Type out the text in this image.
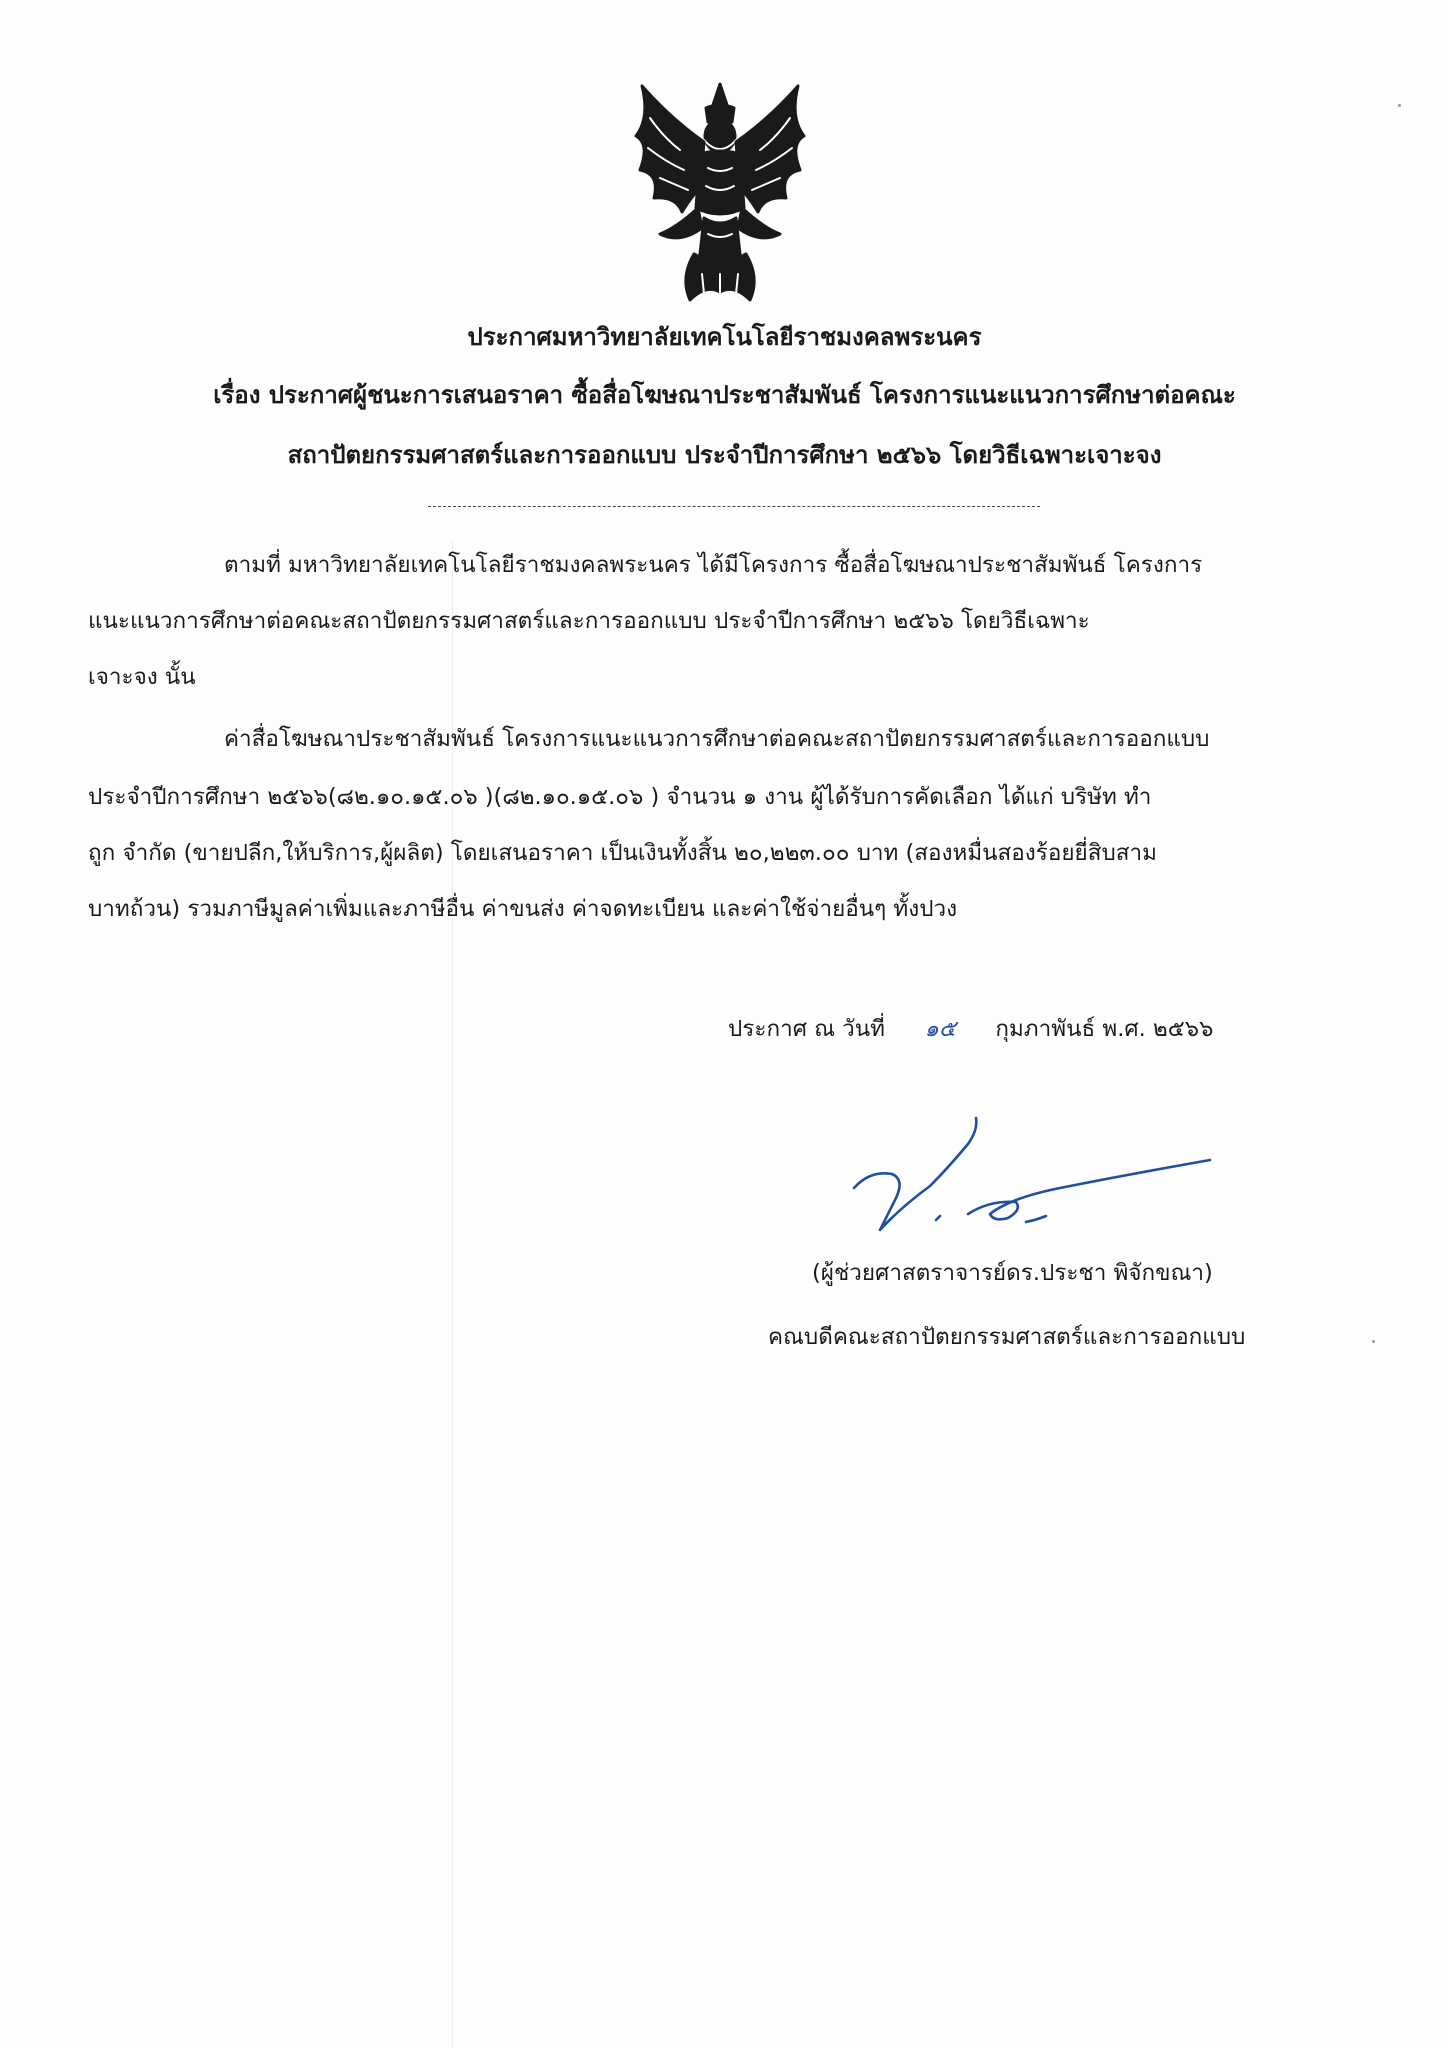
ประกาศมหาวิทยาลัยเทคโนโลยีราชมงคลพระนคร
เรื่อง ประกาศผู้ชนะการเสนอราคา ซื้อสื่อโฆษณาประชาสัมพันธ์ โครงการแนะแนวการศึกษาต่อคณะ
สถาปัตยกรรมศาสตร์และการออกแบบ ประจำปีการศึกษา ๒๕๖๖ โดยวิธีเฉพาะเจาะจง
ตามที่ มหาวิทยาลัยเทคโนโลยีราชมงคลพระนคร ได้มีโครงการ ซื้อสื่อโฆษณาประชาสัมพันธ์ โครงการ
แนะแนวการศึกษาต่อคณะสถาปัตยกรรมศาสตร์และการออกแบบ ประจำปีการศึกษา ๒๕๖๖ โดยวิธีเฉพาะ
เจาะจง นั้น
ค่าสื่อโฆษณาประชาสัมพันธ์ โครงการแนะแนวการศึกษาต่อคณะสถาปัตยกรรมศาสตร์และการออกแบบ
ประจำปีการศึกษา ๒๕๖๖(๘๒.๑๐.๑๕.๐๖ )(๘๒.๑๐.๑๕.๐๖ ) จำนวน ๑ งาน ผู้ได้รับการคัดเลือก ได้แก่ บริษัท ทำ
ถูก จำกัด (ขายปลีก,ให้บริการ,ผู้ผลิต) โดยเสนอราคา เป็นเงินทั้งสิ้น ๒๐,๒๒๓.๐๐ บาท (สองหมื่นสองร้อยยี่สิบสาม
บาทถ้วน) รวมภาษีมูลค่าเพิ่มและภาษีอื่น ค่าขนส่ง ค่าจดทะเบียน และค่าใช้จ่ายอื่นๆ ทั้งปวง
ประกาศ ณ วันที่ ๑๕ กุมภาพันธ์ พ.ศ. ๒๕๖๖
(ผู้ช่วยศาสตราจารย์ดร.ประชา พิจักขณา)
คณบดีคณะสถาปัตยกรรมศาสตร์และการออกแบบ
